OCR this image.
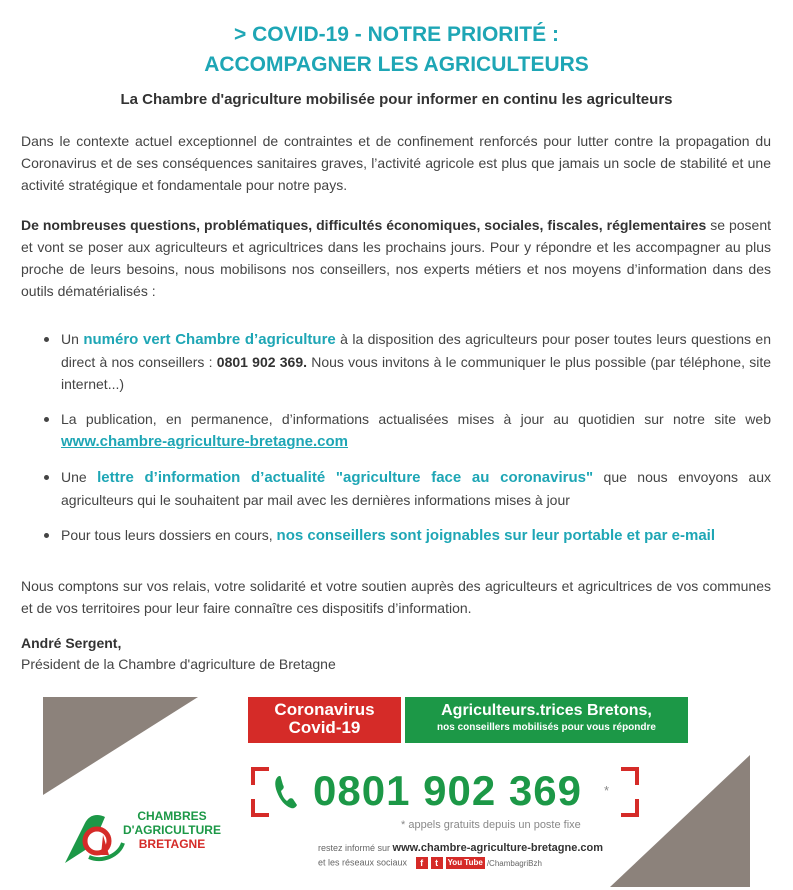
> COVID-19 - NOTRE PRIORITÉ :
ACCOMPAGNER LES AGRICULTEURS
La Chambre d'agriculture mobilisée pour informer en continu les agriculteurs
Dans le contexte actuel exceptionnel de contraintes et de confinement renforcés pour lutter contre la propagation du Coronavirus et de ses conséquences sanitaires graves, l’activité agricole est plus que jamais un socle de stabilité et une activité stratégique et fondamentale pour notre pays.
De nombreuses questions, problématiques, difficultés économiques, sociales, fiscales, réglementaires se posent et vont se poser aux agriculteurs et agricultrices dans les prochains jours. Pour y répondre et les accompagner au plus proche de leurs besoins, nous mobilisons nos conseillers, nos experts métiers et nos moyens d’information dans des outils dématérialisés :
Un numéro vert Chambre d’agriculture à la disposition des agriculteurs pour poser toutes leurs questions en direct à nos conseillers : 0801 902 369. Nous vous invitons à le communiquer le plus possible (par téléphone, site internet...)
La publication, en permanence, d’informations actualisées mises à jour au quotidien sur notre site web www.chambre-agriculture-bretagne.com
Une lettre d’information d’actualité "agriculture face au coronavirus" que nous envoyons aux agriculteurs qui le souhaitent par mail avec les dernières informations mises à jour
Pour tous leurs dossiers en cours, nos conseillers sont joignables sur leur portable et par e-mail
Nous comptons sur vos relais, votre solidarité et votre soutien auprès des agriculteurs et agricultrices de vos communes et de vos territoires pour leur faire connaître ces dispositifs d’information.
André Sergent,
Président de la Chambre d'agriculture de Bretagne
Coronavirus
Covid-19
Agriculteurs.trices Bretons,
nos conseillers mobilisés pour vous répondre
0801 902 369 *
* appels gratuits depuis un poste fixe
restez informé sur www.chambre-agriculture-bretagne.com
et les réseaux sociaux f t You Tube /ChambagriBzh
CHAMBRES
D'AGRICULTURE
BRETAGNE
